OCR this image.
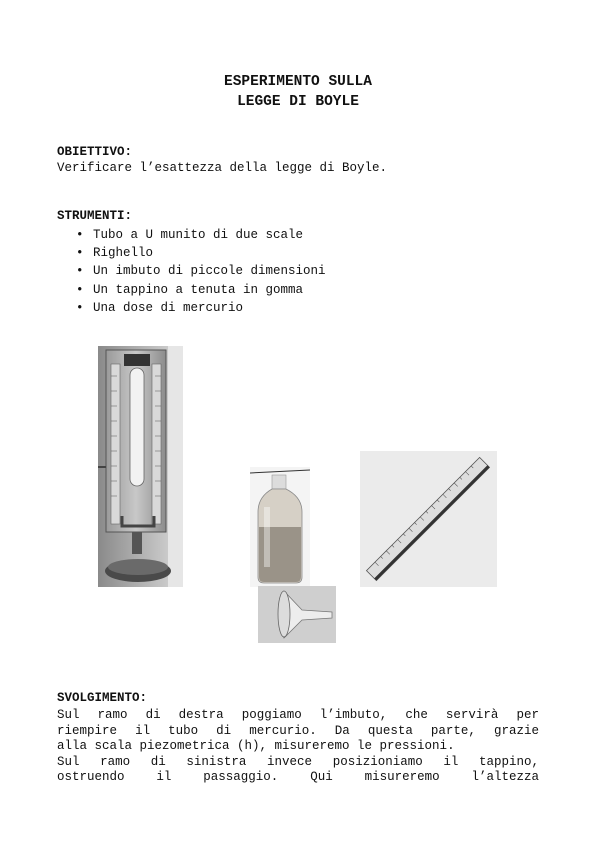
ESPERIMENTO SULLA
LEGGE DI BOYLE
OBIETTIVO:
Verificare l’esattezza della legge di Boyle.
STRUMENTI:
• Tubo a U munito di due scale
• Righello
• Un imbuto di piccole dimensioni
• Un tappino a tenuta in gomma
• Una dose di mercurio
SVOLGIMENTO:
Sul ramo di destra poggiamo l’imbuto, che servirà per
riempire il tubo di mercurio. Da questa parte, grazie
alla scala piezometrica (h), misureremo le pressioni.
Sul ramo di sinistra invece posizioniamo il tappino,
ostruendo il passaggio. Qui misureremo l’altezza
